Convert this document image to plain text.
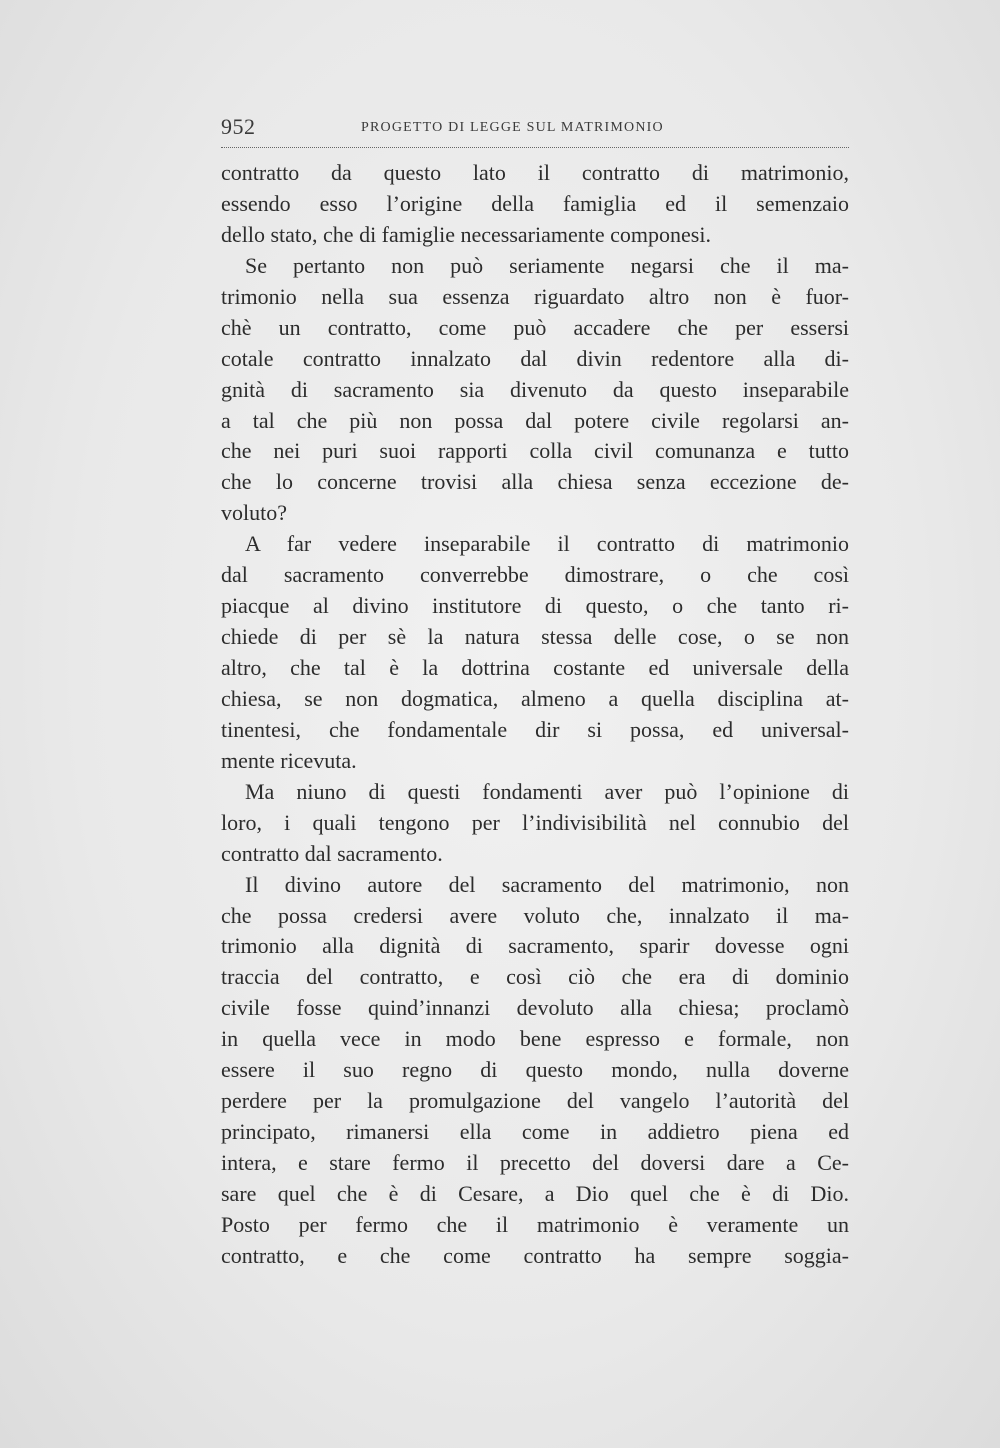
952	PROGETTO DI LEGGE SUL MATRIMONIO
contratto da questo lato il contratto di matrimonio,
essendo esso l’origine della famiglia ed il semenzaio
dello stato, che di famiglie necessariamente componesi.
Se pertanto non può seriamente negarsi che il ma-
trimonio nella sua essenza riguardato altro non è fuor-
chè un contratto, come può accadere che per essersi
cotale contratto innalzato dal divin redentore alla di-
gnità di sacramento sia divenuto da questo inseparabile
a tal che più non possa dal potere civile regolarsi an-
che nei puri suoi rapporti colla civil comunanza e tutto
che lo concerne trovisi alla chiesa senza eccezione de-
voluto?
A far vedere inseparabile il contratto di matrimonio
dal sacramento converrebbe dimostrare, o che così
piacque al divino institutore di questo, o che tanto ri-
chiede di per sè la natura stessa delle cose, o se non
altro, che tal è la dottrina costante ed universale della
chiesa, se non dogmatica, almeno a quella disciplina at-
tinentesi, che fondamentale dir si possa, ed universal-
mente ricevuta.
Ma niuno di questi fondamenti aver può l’opinione di
loro, i quali tengono per l’indivisibilità nel connubio del
contratto dal sacramento.
Il divino autore del sacramento del matrimonio, non
che possa credersi avere voluto che, innalzato il ma-
trimonio alla dignità di sacramento, sparir dovesse ogni
traccia del contratto, e così ciò che era di dominio
civile fosse quind’innanzi devoluto alla chiesa; proclamò
in quella vece in modo bene espresso e formale, non
essere il suo regno di questo mondo, nulla doverne
perdere per la promulgazione del vangelo l’autorità del
principato, rimanersi ella come in addietro piena ed
intera, e stare fermo il precetto del doversi dare a Ce-
sare quel che è di Cesare, a Dio quel che è di Dio.
Posto per fermo che il matrimonio è veramente un
contratto, e che come contratto ha sempre soggia-
